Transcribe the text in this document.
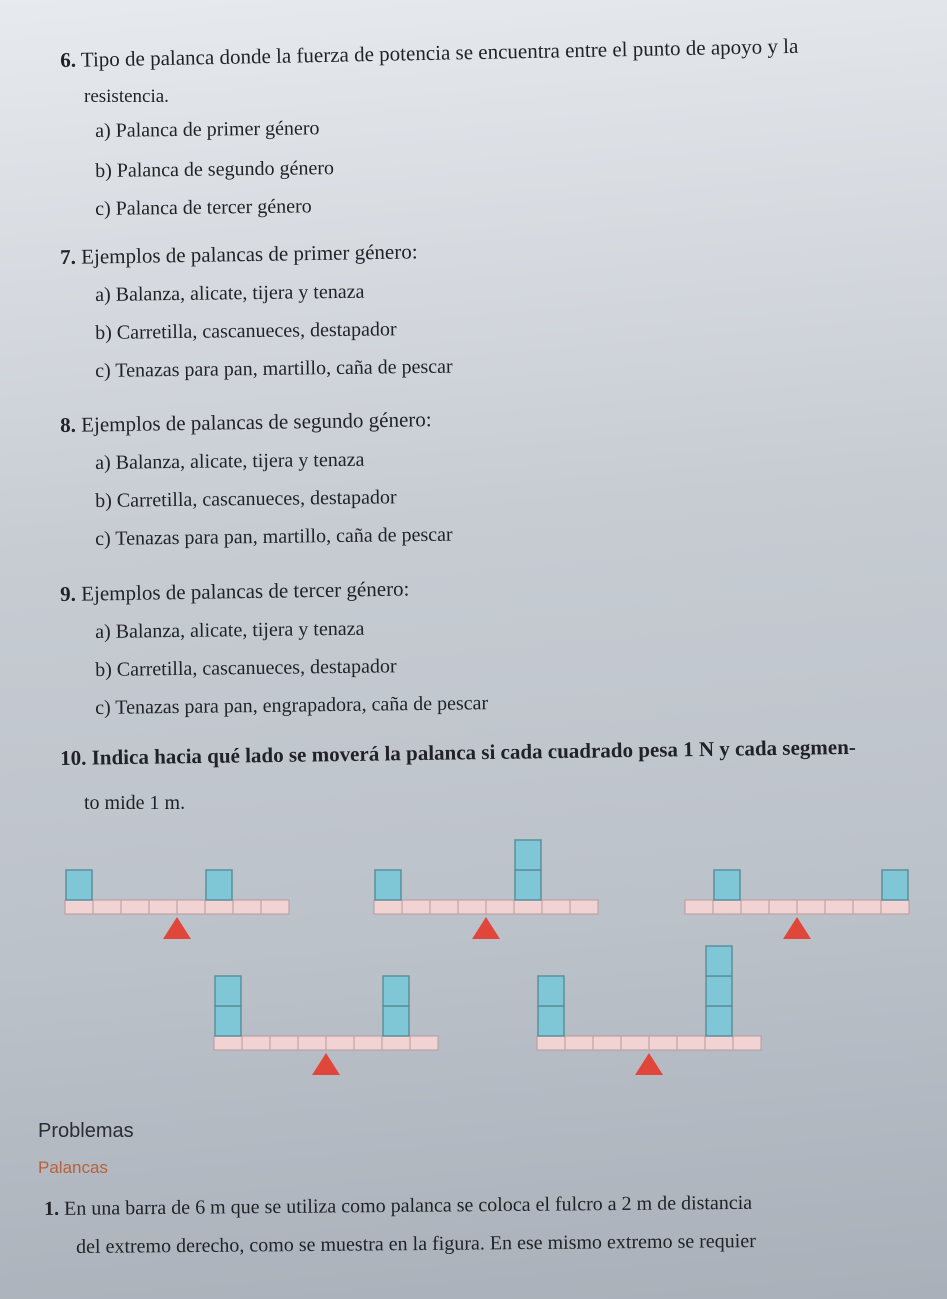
6. Tipo de palanca donde la fuerza de potencia se encuentra entre el punto de apoyo y la
resistencia.
a) Palanca de primer género
b) Palanca de segundo género
c) Palanca de tercer género
7. Ejemplos de palancas de primer género:
a) Balanza, alicate, tijera y tenaza
b) Carretilla, cascanueces, destapador
c) Tenazas para pan, martillo, caña de pescar
8. Ejemplos de palancas de segundo género:
a) Balanza, alicate, tijera y tenaza
b) Carretilla, cascanueces, destapador
c) Tenazas para pan, martillo, caña de pescar
9. Ejemplos de palancas de tercer género:
a) Balanza, alicate, tijera y tenaza
b) Carretilla, cascanueces, destapador
c) Tenazas para pan, engrapadora, caña de pescar
10. Indica hacia qué lado se moverá la palanca si cada cuadrado pesa 1 N y cada segmen-
to mide 1 m.
Problemas
Palancas
1. En una barra de 6 m que se utiliza como palanca se coloca el fulcro a 2 m de distancia
del extremo derecho, como se muestra en la figura. En ese mismo extremo se requier
